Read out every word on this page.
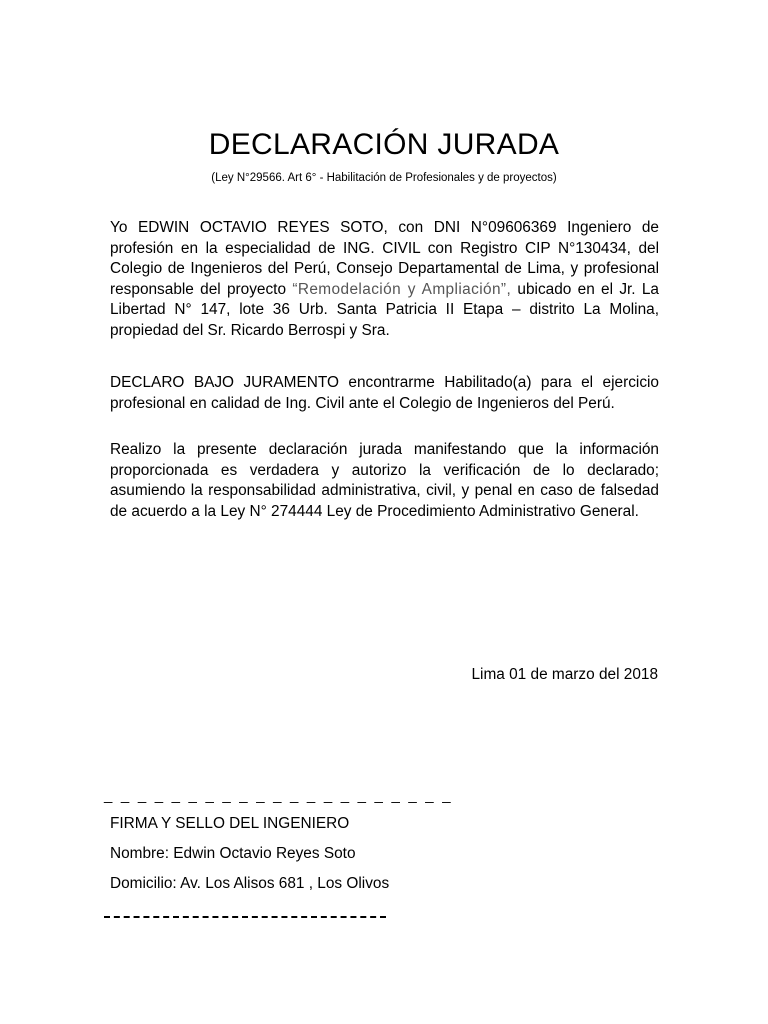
DECLARACIÓN JURADA
(Ley N°29566. Art 6° - Habilitación de Profesionales y de proyectos)

Yo EDWIN OCTAVIO REYES SOTO, con DNI N°09606369 Ingeniero de profesión en la especialidad de ING. CIVIL con Registro CIP N°130434, del Colegio de Ingenieros del Perú, Consejo Departamental de Lima, y profesional responsable del proyecto “Remodelación y Ampliación”, ubicado en el Jr. La Libertad N° 147, lote 36 Urb. Santa Patricia II Etapa – distrito La Molina, propiedad del Sr. Ricardo Berrospi y Sra.

DECLARO BAJO JURAMENTO encontrarme Habilitado(a) para el ejercicio profesional en calidad de Ing. Civil ante el Colegio de Ingenieros del Perú.

Realizo la presente declaración jurada manifestando que la información proporcionada es verdadera y autorizo la verificación de lo declarado; asumiendo la responsabilidad administrativa, civil, y penal en caso de falsedad de acuerdo a la Ley N° 274444 Ley de Procedimiento Administrativo General.

Lima 01 de marzo del 2018
_ _ _ _ _ _ _ _ _ _ _ _ _ _ _ _ _ _ _ _ _
FIRMA Y SELLO DEL INGENIERO
Nombre: Edwin Octavio Reyes Soto
Domicilio: Av. Los Alisos 681 , Los Olivos
